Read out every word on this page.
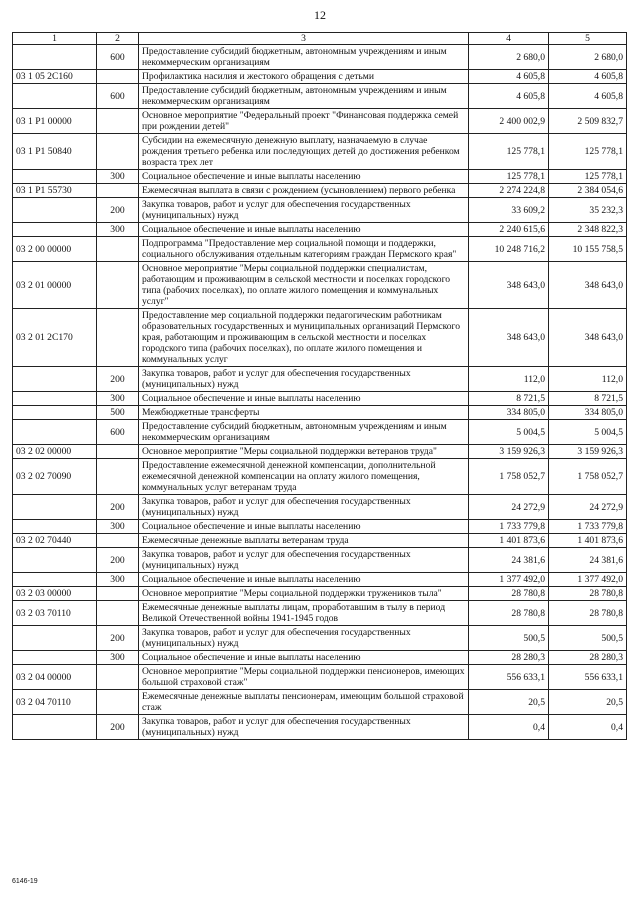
12
1	2	3	4	5
	600	Предоставление субсидий бюджетным, автономным учреждениям и иным некоммерческим организациям	2 680,0	2 680,0
03 1 05 2С160		Профилактика насилия и жестокого обращения с детьми	4 605,8	4 605,8
	600	Предоставление субсидий бюджетным, автономным учреждениям и иным некоммерческим организациям	4 605,8	4 605,8
03 1 P1 00000		Основное мероприятие "Федеральный проект "Финансовая поддержка семей при рождении детей"	2 400 002,9	2 509 832,7
03 1 P1 50840		Субсидии на ежемесячную денежную выплату, назначаемую в случае рождения третьего ребенка или последующих детей до достижения ребенком возраста трех лет	125 778,1	125 778,1
	300	Социальное обеспечение и иные выплаты населению	125 778,1	125 778,1
03 1 P1 55730		Ежемесячная выплата в связи с рождением (усыновлением) первого ребенка	2 274 224,8	2 384 054,6
	200	Закупка товаров, работ и услуг для обеспечения государственных (муниципальных) нужд	33 609,2	35 232,3
	300	Социальное обеспечение и иные выплаты населению	2 240 615,6	2 348 822,3
03 2 00 00000		Подпрограмма "Предоставление мер социальной помощи и поддержки, социального обслуживания отдельным категориям граждан Пермского края"	10 248 716,2	10 155 758,5
03 2 01 00000		Основное мероприятие "Меры социальной поддержки специалистам, работающим и проживающим в сельской местности и поселках городского типа (рабочих поселках), по оплате жилого помещения и коммунальных услуг"	348 643,0	348 643,0
03 2 01 2С170		Предоставление мер социальной поддержки педагогическим работникам образовательных государственных и муниципальных организаций Пермского края, работающим и проживающим в сельской местности и поселках городского типа (рабочих поселках), по оплате жилого помещения и коммунальных услуг	348 643,0	348 643,0
	200	Закупка товаров, работ и услуг для обеспечения государственных (муниципальных) нужд	112,0	112,0
	300	Социальное обеспечение и иные выплаты населению	8 721,5	8 721,5
	500	Межбюджетные трансферты	334 805,0	334 805,0
	600	Предоставление субсидий бюджетным, автономным учреждениям и иным некоммерческим организациям	5 004,5	5 004,5
03 2 02 00000		Основное мероприятие "Меры социальной поддержки ветеранов труда"	3 159 926,3	3 159 926,3
03 2 02 70090		Предоставление ежемесячной денежной компенсации, дополнительной ежемесячной денежной компенсации на оплату жилого помещения, коммунальных услуг ветеранам труда	1 758 052,7	1 758 052,7
	200	Закупка товаров, работ и услуг для обеспечения государственных (муниципальных) нужд	24 272,9	24 272,9
	300	Социальное обеспечение и иные выплаты населению	1 733 779,8	1 733 779,8
03 2 02 70440		Ежемесячные денежные выплаты ветеранам труда	1 401 873,6	1 401 873,6
	200	Закупка товаров, работ и услуг для обеспечения государственных (муниципальных) нужд	24 381,6	24 381,6
	300	Социальное обеспечение и иные выплаты населению	1 377 492,0	1 377 492,0
03 2 03 00000		Основное мероприятие "Меры социальной поддержки тружеников тыла"	28 780,8	28 780,8
03 2 03 70110		Ежемесячные денежные выплаты лицам, проработавшим в тылу в период Великой Отечественной войны 1941-1945 годов	28 780,8	28 780,8
	200	Закупка товаров, работ и услуг для обеспечения государственных (муниципальных) нужд	500,5	500,5
	300	Социальное обеспечение и иные выплаты населению	28 280,3	28 280,3
03 2 04 00000		Основное мероприятие "Меры социальной поддержки пенсионеров, имеющих большой страховой стаж"	556 633,1	556 633,1
03 2 04 70110		Ежемесячные денежные выплаты пенсионерам, имеющим большой страховой стаж	20,5	20,5
	200	Закупка товаров, работ и услуг для обеспечения государственных (муниципальных) нужд	0,4	0,4
6146-19
